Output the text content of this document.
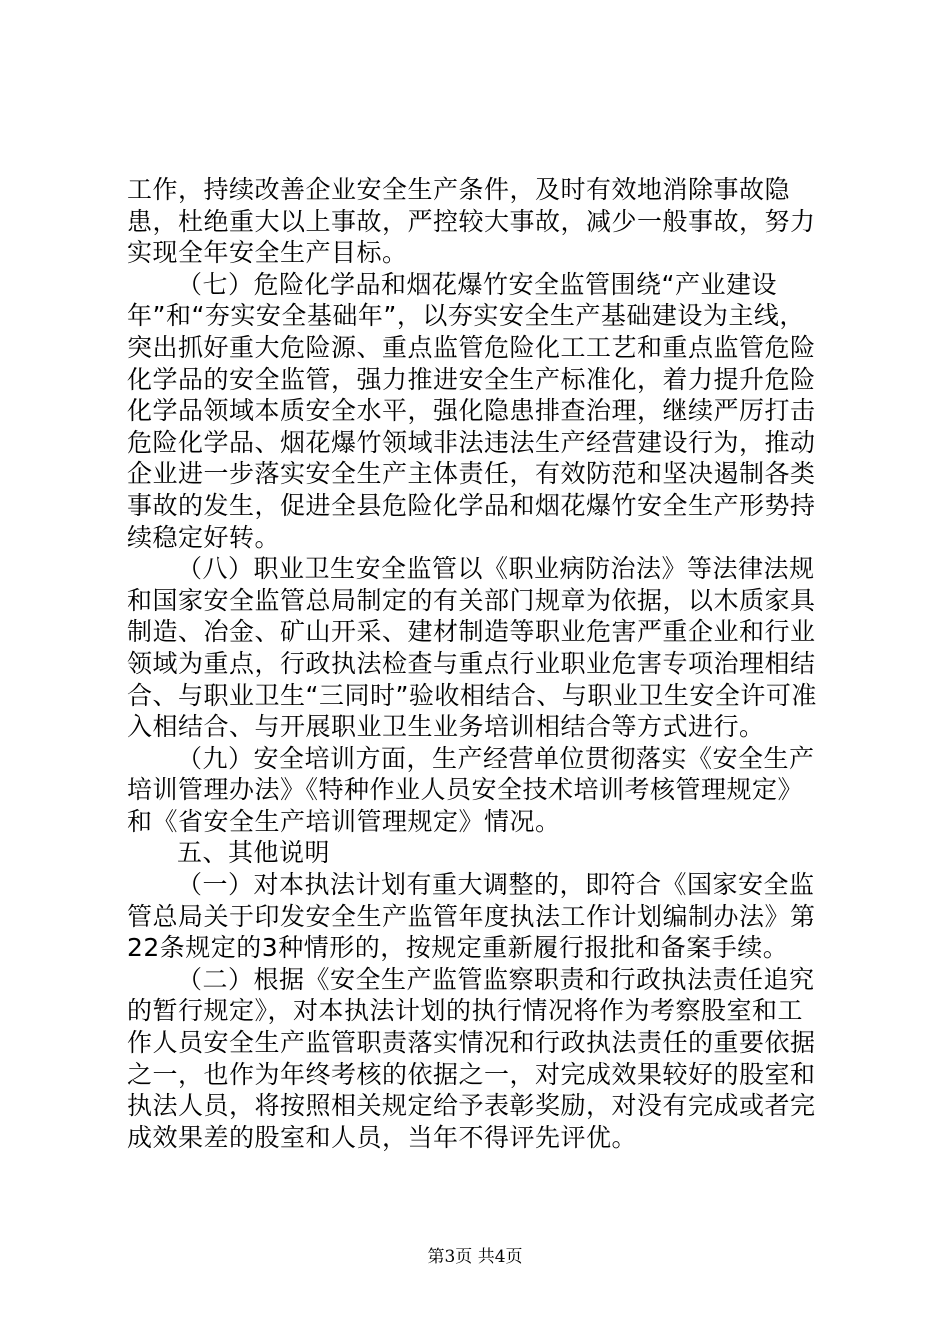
工作，持续改善企业安全生产条件，及时有效地消除事故隐患，杜绝重大以上事故，严控较大事故，减少一般事故，努力实现全年安全生产目标。

（七）危险化学品和烟花爆竹安全监管围绕“产业建设年”和“夯实安全基础年”，以夯实安全生产基础建设为主线，突出抓好重大危险源、重点监管危险化工工艺和重点监管危险化学品的安全监管，强力推进安全生产标准化，着力提升危险化学品领域本质安全水平，强化隐患排查治理，继续严厉打击危险化学品、烟花爆竹领域非法违法生产经营建设行为，推动企业进一步落实安全生产主体责任，有效防范和坚决遏制各类事故的发生，促进全县危险化学品和烟花爆竹安全生产形势持续稳定好转。

（八）职业卫生安全监管以《职业病防治法》等法律法规和国家安全监管总局制定的有关部门规章为依据，以木质家具制造、冶金、矿山开采、建材制造等职业危害严重企业和行业领域为重点，行政执法检查与重点行业职业危害专项治理相结合、与职业卫生“三同时”验收相结合、与职业卫生安全许可准入相结合、与开展职业卫生业务培训相结合等方式进行。

（九）安全培训方面，生产经营单位贯彻落实《安全生产培训管理办法》《特种作业人员安全技术培训考核管理规定》和《省安全生产培训管理规定》情况。

五、其他说明

（一）对本执法计划有重大调整的，即符合《国家安全监管总局关于印发安全生产监管年度执法工作计划编制办法》第22条规定的3种情形的，按规定重新履行报批和备案手续。

（二）根据《安全生产监管监察职责和行政执法责任追究的暂行规定》，对本执法计划的执行情况将作为考察股室和工作人员安全生产监管职责落实情况和行政执法责任的重要依据之一，也作为年终考核的依据之一，对完成效果较好的股室和执法人员，将按照相关规定给予表彰奖励，对没有完成或者完成效果差的股室和人员，当年不得评先评优。

第3页 共4页
